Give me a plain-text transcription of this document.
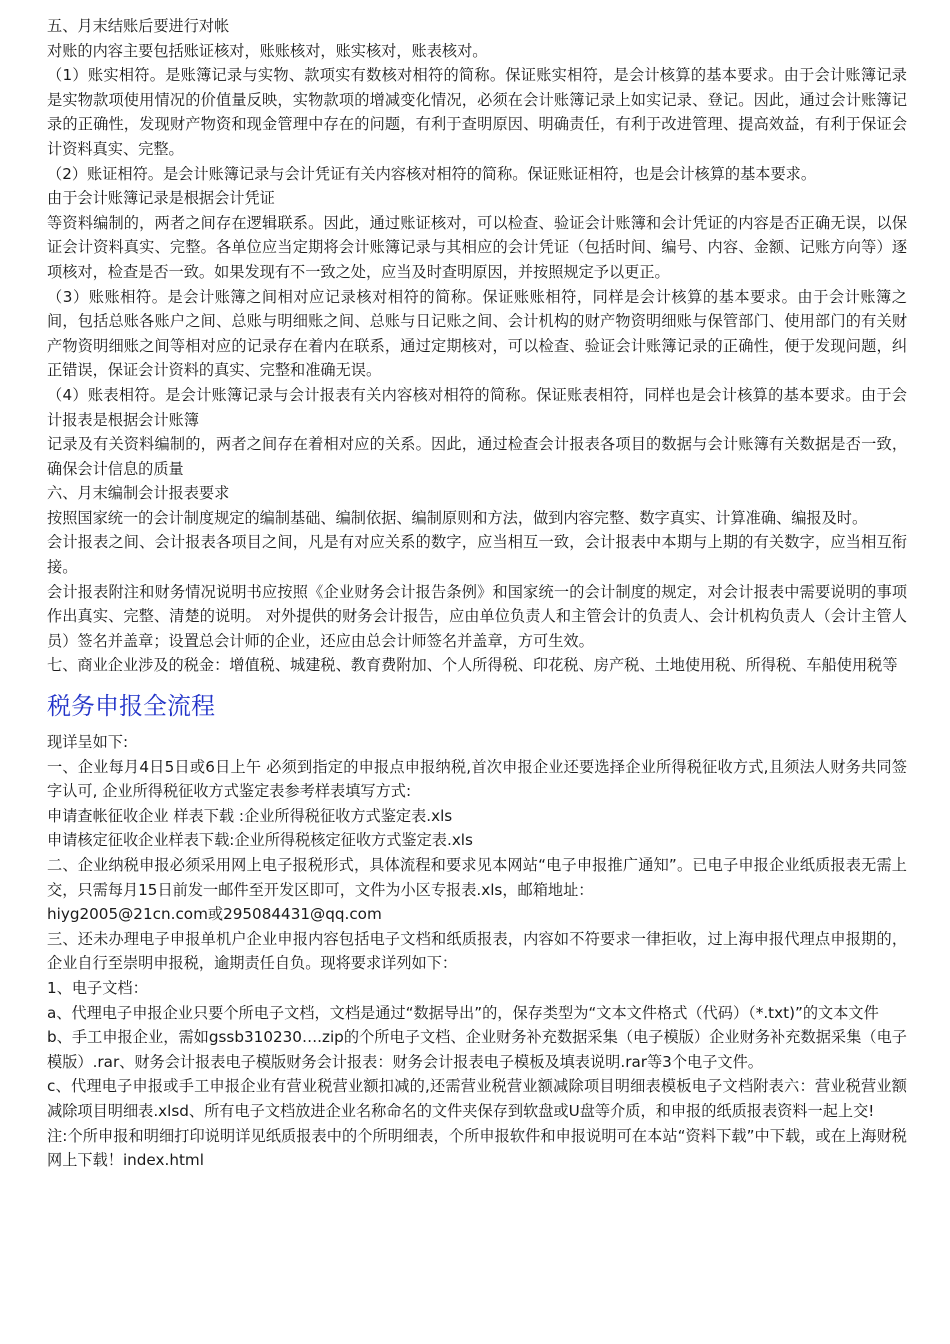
五、月末结账后要进行对帐

对账的内容主要包括账证核对，账账核对，账实核对，账表核对。

（1）账实相符。是账簿记录与实物、款项实有数核对相符的简称。保证账实相符，是会计核算的基本要求。由于会计账簿记录是实物款项使用情况的价值量反映，实物款项的增减变化情况，必须在会计账簿记录上如实记录、登记。因此，通过会计账簿记录的正确性，发现财产物资和现金管理中存在的问题，有利于查明原因、明确责任，有利于改进管理、提高效益，有利于保证会计资料真实、完整。

（2）账证相符。是会计账簿记录与会计凭证有关内容核对相符的简称。保证账证相符，也是会计核算的基本要求。

由于会计账簿记录是根据会计凭证

等资料编制的，两者之间存在逻辑联系。因此，通过账证核对，可以检查、验证会计账簿和会计凭证的内容是否正确无误，以保证会计资料真实、完整。各单位应当定期将会计账簿记录与其相应的会计凭证（包括时间、编号、内容、金额、记账方向等）逐项核对，检查是否一致。如果发现有不一致之处，应当及时查明原因，并按照规定予以更正。

（3）账账相符。是会计账簿之间相对应记录核对相符的简称。保证账账相符，同样是会计核算的基本要求。由于会计账簿之间，包括总账各账户之间、总账与明细账之间、总账与日记账之间、会计机构的财产物资明细账与保管部门、使用部门的有关财产物资明细账之间等相对应的记录存在着内在联系，通过定期核对，可以检查、验证会计账簿记录的正确性，便于发现问题，纠正错误，保证会计资料的真实、完整和准确无误。

（4）账表相符。是会计账簿记录与会计报表有关内容核对相符的简称。保证账表相符，同样也是会计核算的基本要求。由于会计报表是根据会计账簿

记录及有关资料编制的，两者之间存在着相对应的关系。因此，通过检查会计报表各项目的数据与会计账簿有关数据是否一致，确保会计信息的质量

六、月末编制会计报表要求

按照国家统一的会计制度规定的编制基础、编制依据、编制原则和方法，做到内容完整、数字真实、计算准确、编报及时。

会计报表之间、会计报表各项目之间，凡是有对应关系的数字，应当相互一致，会计报表中本期与上期的有关数字，应当相互衔接。

会计报表附注和财务情况说明书应按照《企业财务会计报告条例》和国家统一的会计制度的规定，对会计报表中需要说明的事项作出真实、完整、清楚的说明。 对外提供的财务会计报告，应由单位负责人和主管会计的负责人、会计机构负责人（会计主管人员）签名并盖章；设置总会计师的企业，还应由总会计师签名并盖章，方可生效。

七、商业企业涉及的税金：增值税、城建税、教育费附加、个人所得税、印花税、房产税、土地使用税、所得税、车船使用税等

税务申报全流程

现详呈如下:

一、企业每月4日5日或6日上午 必须到指定的申报点申报纳税,首次申报企业还要选择企业所得税征收方式,且须法人财务共同签字认可, 企业所得税征收方式鉴定表参考样表填写方式:

申请查帐征收企业 样表下载 :企业所得税征收方式鉴定表.xls

申请核定征收企业样表下载:企业所得税核定征收方式鉴定表.xls

二、企业纳税申报必须采用网上电子报税形式，具体流程和要求见本网站“电子申报推广通知”。已电子申报企业纸质报表无需上交，只需每月15日前发一邮件至开发区即可，文件为小区专报表.xls，邮箱地址：

hiyg2005@21cn.com或295084431@qq.com

三、还未办理电子申报单机户企业申报内容包括电子文档和纸质报表，内容如不符要求一律拒收，过上海申报代理点申报期的，企业自行至崇明申报税，逾期责任自负。现将要求详列如下：

1、电子文档：

a、代理电子申报企业只要个所电子文档，文档是通过“数据导出”的，保存类型为“文本文件格式（代码）（*.txt)”的文本文件

b、手工申报企业，需如gssb310230….zip的个所电子文档、企业财务补充数据采集（电子模版）企业财务补充数据采集（电子模版）.rar、财务会计报表电子模版财务会计报表：财务会计报表电子模板及填表说明.rar等3个电子文件。

c、代理电子申报或手工申报企业有营业税营业额扣减的,还需营业税营业额减除项目明细表模板电子文档附表六：营业税营业额减除项目明细表.xlsd、所有电子文档放进企业名称命名的文件夹保存到软盘或U盘等介质，和申报的纸质报表资料一起上交!

注:个所申报和明细打印说明详见纸质报表中的个所明细表，个所申报软件和申报说明可在本站“资料下载”中下载，或在上海财税网上下载！index.html
